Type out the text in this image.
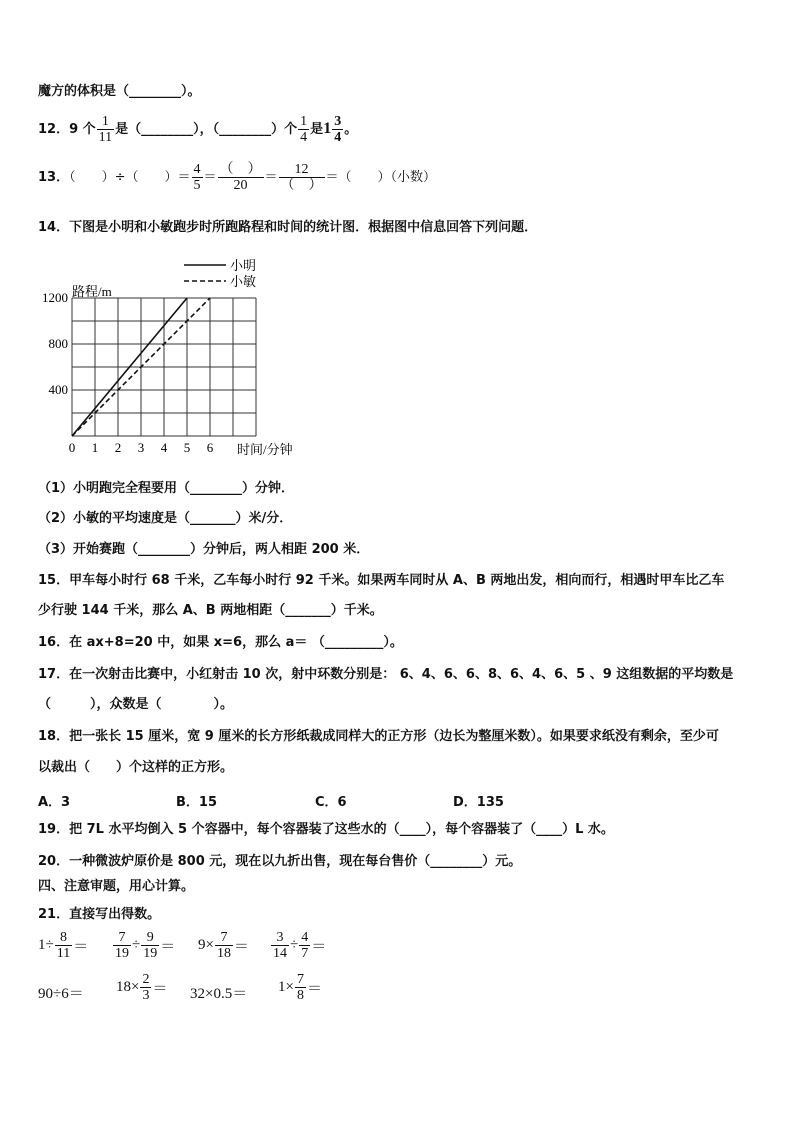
魔方的体积是（________）。
12．9 个 $\frac{1}{11}$ 是（________），（________）个 $\frac{1}{4}$ 是$1 \frac{3}{4}$ 。
13．（　　）÷（　　）＝ $\frac{4}{5} = \frac{( )}{20} = \frac{12}{( )}$ ＝（　　）（小数）
14．下图是小明和小敏跑步时所跑路程和时间的统计图．根据图中信息回答下列问题．
0 1 2 3 4 5 6
400
800
1200
小明
小敏
路程/m
时间/分钟
（1）小明跑完全程要用（________）分钟．
（2）小敏的平均速度是（_______）米/分．
（3）开始赛跑（________）分钟后，两人相距 200 米．
15．甲车每小时行 68 千米，乙车每小时行 92 千米。如果两车同时从 A、B 两地出发，相向而行，相遇时甲车比乙车
少行驶 144 千米，那么 A、B 两地相距（_______）千米。
16．在 ax+8=20 中，如果 x=6，那么 a＝ （_________）。
17．在一次射击比赛中，小红射击 10 次，射中环数分别是： 6、4、6、6、8、6、4、6、5 、9 这组数据的平均数是
（　　　），众数是（　　　　）。
18．把一张长 15 厘米，宽 9 厘米的长方形纸裁成同样大的正方形（边长为整厘米数）。如果要求纸没有剩余，至少可
以裁出（　　）个这样的正方形。
A．3	B．15	C．6	D．135
19．把 7L 水平均倒入 5 个容器中，每个容器装了这些水的（____），每个容器装了（____）L 水。
20．一种微波炉原价是 800 元，现在以九折出售，现在每台售价（________）元。
四、注意审题，用心计算。
21．直接写出得数。
$1\div \frac{8}{11} = \frac{7}{19} \div \frac{9}{19} = 9\times \frac{7}{18} = \frac{3}{14} \div \frac{4}{7}$ ＝
$90\div 6= 18\times \frac{2}{3} = 32\times 0.5= 1\times \frac{7}{8}$ ＝
